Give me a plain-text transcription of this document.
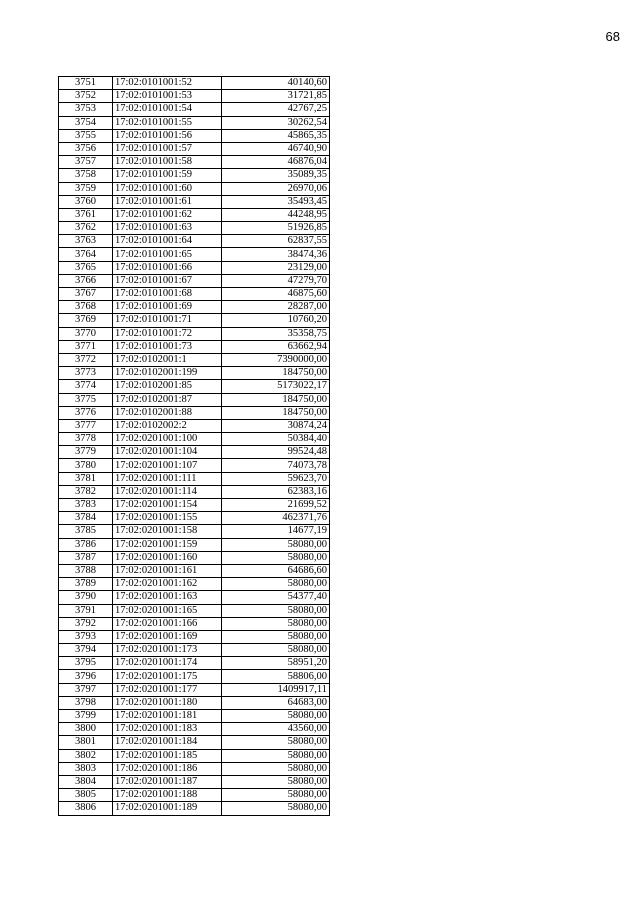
68
3751	17:02:0101001:52	40140,60
3752	17:02:0101001:53	31721,85
3753	17:02:0101001:54	42767,25
3754	17:02:0101001:55	30262,54
3755	17:02:0101001:56	45865,35
3756	17:02:0101001:57	46740,90
3757	17:02:0101001:58	46876,04
3758	17:02:0101001:59	35089,35
3759	17:02:0101001:60	26970,06
3760	17:02:0101001:61	35493,45
3761	17:02:0101001:62	44248,95
3762	17:02:0101001:63	51926,85
3763	17:02:0101001:64	62837,55
3764	17:02:0101001:65	38474,36
3765	17:02:0101001:66	23129,00
3766	17:02:0101001:67	47279,70
3767	17:02:0101001:68	46875,60
3768	17:02:0101001:69	28287,00
3769	17:02:0101001:71	10760,20
3770	17:02:0101001:72	35358,75
3771	17:02:0101001:73	63662,94
3772	17:02:0102001:1	7390000,00
3773	17:02:0102001:199	184750,00
3774	17:02:0102001:85	5173022,17
3775	17:02:0102001:87	184750,00
3776	17:02:0102001:88	184750,00
3777	17:02:0102002:2	30874,24
3778	17:02:0201001:100	50384,40
3779	17:02:0201001:104	99524,48
3780	17:02:0201001:107	74073,78
3781	17:02:0201001:111	59623,70
3782	17:02:0201001:114	62383,16
3783	17:02:0201001:154	21699,52
3784	17:02:0201001:155	462371,76
3785	17:02:0201001:158	14677,19
3786	17:02:0201001:159	58080,00
3787	17:02:0201001:160	58080,00
3788	17:02:0201001:161	64686,60
3789	17:02:0201001:162	58080,00
3790	17:02:0201001:163	54377,40
3791	17:02:0201001:165	58080,00
3792	17:02:0201001:166	58080,00
3793	17:02:0201001:169	58080,00
3794	17:02:0201001:173	58080,00
3795	17:02:0201001:174	58951,20
3796	17:02:0201001:175	58806,00
3797	17:02:0201001:177	1409917,11
3798	17:02:0201001:180	64683,00
3799	17:02:0201001:181	58080,00
3800	17:02:0201001:183	43560,00
3801	17:02:0201001:184	58080,00
3802	17:02:0201001:185	58080,00
3803	17:02:0201001:186	58080,00
3804	17:02:0201001:187	58080,00
3805	17:02:0201001:188	58080,00
3806	17:02:0201001:189	58080,00
